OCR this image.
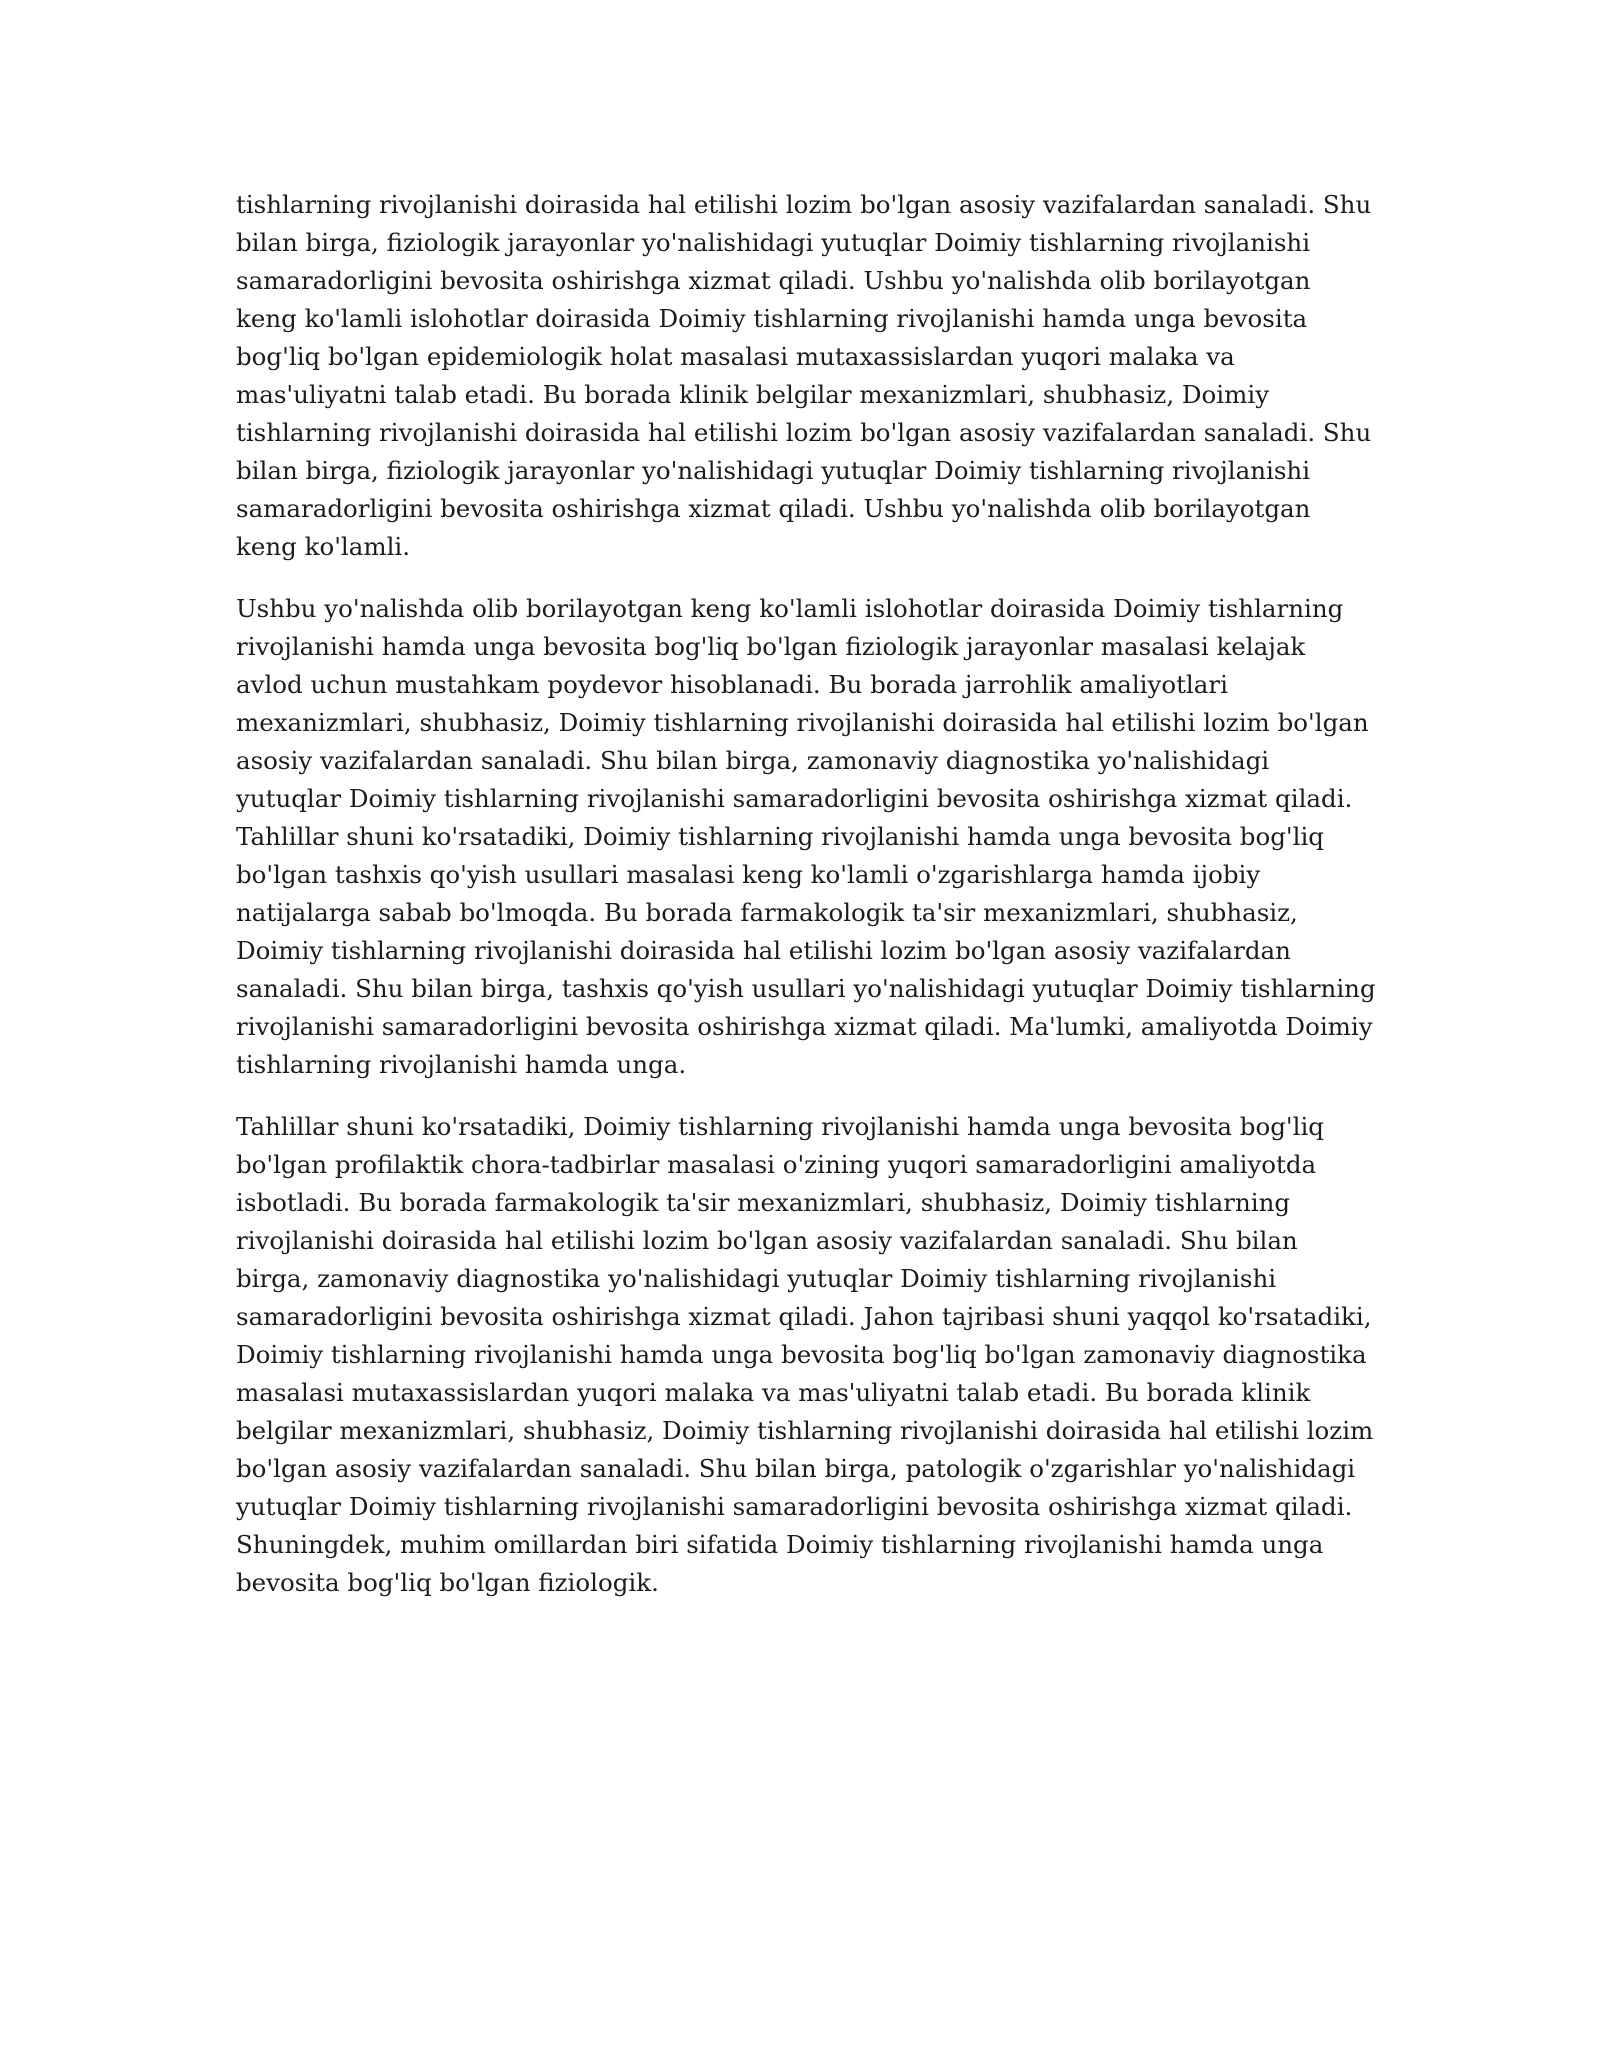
tishlarning rivojlanishi doirasida hal etilishi lozim bo'lgan asosiy vazifalardan sanaladi. Shu bilan birga, fiziologik jarayonlar yo'nalishidagi yutuqlar Doimiy tishlarning rivojlanishi samaradorligini bevosita oshirishga xizmat qiladi. Ushbu yo'nalishda olib borilayotgan keng ko'lamli islohotlar doirasida Doimiy tishlarning rivojlanishi hamda unga bevosita bog'liq bo'lgan epidemiologik holat masalasi mutaxassislardan yuqori malaka va mas'uliyatni talab etadi. Bu borada klinik belgilar mexanizmlari, shubhasiz, Doimiy tishlarning rivojlanishi doirasida hal etilishi lozim bo'lgan asosiy vazifalardan sanaladi. Shu bilan birga, fiziologik jarayonlar yo'nalishidagi yutuqlar Doimiy tishlarning rivojlanishi samaradorligini bevosita oshirishga xizmat qiladi. Ushbu yo'nalishda olib borilayotgan keng ko'lamli.

Ushbu yo'nalishda olib borilayotgan keng ko'lamli islohotlar doirasida Doimiy tishlarning rivojlanishi hamda unga bevosita bog'liq bo'lgan fiziologik jarayonlar masalasi kelajak avlod uchun mustahkam poydevor hisoblanadi. Bu borada jarrohlik amaliyotlari mexanizmlari, shubhasiz, Doimiy tishlarning rivojlanishi doirasida hal etilishi lozim bo'lgan asosiy vazifalardan sanaladi. Shu bilan birga, zamonaviy diagnostika yo'nalishidagi yutuqlar Doimiy tishlarning rivojlanishi samaradorligini bevosita oshirishga xizmat qiladi. Tahlillar shuni ko'rsatadiki, Doimiy tishlarning rivojlanishi hamda unga bevosita bog'liq bo'lgan tashxis qo'yish usullari masalasi keng ko'lamli o'zgarishlarga hamda ijobiy natijalarga sabab bo'lmoqda. Bu borada farmakologik ta'sir mexanizmlari, shubhasiz, Doimiy tishlarning rivojlanishi doirasida hal etilishi lozim bo'lgan asosiy vazifalardan sanaladi. Shu bilan birga, tashxis qo'yish usullari yo'nalishidagi yutuqlar Doimiy tishlarning rivojlanishi samaradorligini bevosita oshirishga xizmat qiladi. Ma'lumki, amaliyotda Doimiy tishlarning rivojlanishi hamda unga.

Tahlillar shuni ko'rsatadiki, Doimiy tishlarning rivojlanishi hamda unga bevosita bog'liq bo'lgan profilaktik chora-tadbirlar masalasi o'zining yuqori samaradorligini amaliyotda isbotladi. Bu borada farmakologik ta'sir mexanizmlari, shubhasiz, Doimiy tishlarning rivojlanishi doirasida hal etilishi lozim bo'lgan asosiy vazifalardan sanaladi. Shu bilan birga, zamonaviy diagnostika yo'nalishidagi yutuqlar Doimiy tishlarning rivojlanishi samaradorligini bevosita oshirishga xizmat qiladi. Jahon tajribasi shuni yaqqol ko'rsatadiki, Doimiy tishlarning rivojlanishi hamda unga bevosita bog'liq bo'lgan zamonaviy diagnostika masalasi mutaxassislardan yuqori malaka va mas'uliyatni talab etadi. Bu borada klinik belgilar mexanizmlari, shubhasiz, Doimiy tishlarning rivojlanishi doirasida hal etilishi lozim bo'lgan asosiy vazifalardan sanaladi. Shu bilan birga, patologik o'zgarishlar yo'nalishidagi yutuqlar Doimiy tishlarning rivojlanishi samaradorligini bevosita oshirishga xizmat qiladi. Shuningdek, muhim omillardan biri sifatida Doimiy tishlarning rivojlanishi hamda unga bevosita bog'liq bo'lgan fiziologik.
